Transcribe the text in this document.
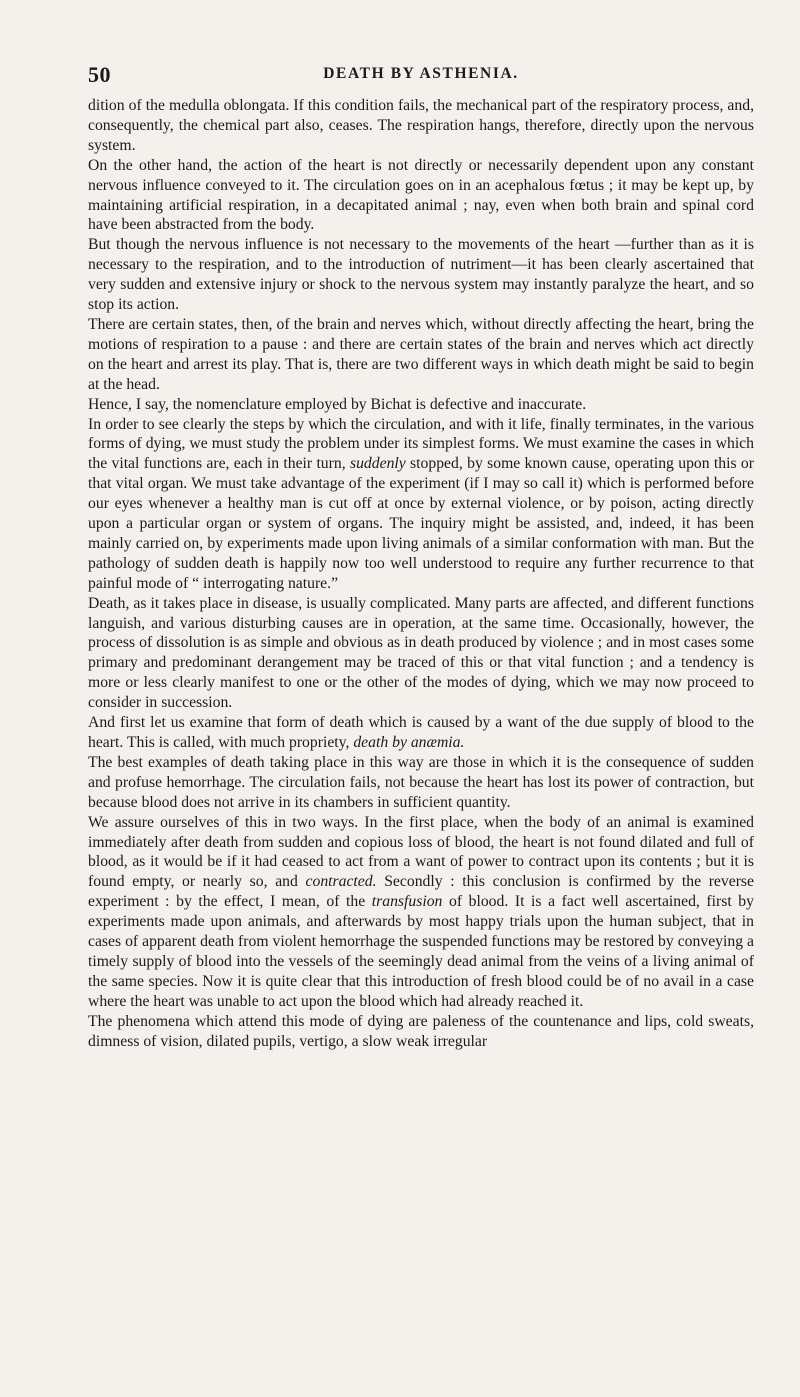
50	DEATH BY ASTHENIA.

dition of the medulla oblongata. If this condition fails, the mechanical part of the respiratory process, and, consequently, the chemical part also, ceases. The respiration hangs, therefore, directly upon the nervous system.

On the other hand, the action of the heart is not directly or necessarily dependent upon any constant nervous influence conveyed to it. The circulation goes on in an acephalous fœtus ; it may be kept up, by maintaining artificial respiration, in a decapitated animal ; nay, even when both brain and spinal cord have been abstracted from the body.

But though the nervous influence is not necessary to the movements of the heart —further than as it is necessary to the respiration, and to the introduction of nutriment—it has been clearly ascertained that very sudden and extensive injury or shock to the nervous system may instantly paralyze the heart, and so stop its action.

There are certain states, then, of the brain and nerves which, without directly affecting the heart, bring the motions of respiration to a pause : and there are certain states of the brain and nerves which act directly on the heart and arrest its play. That is, there are two different ways in which death might be said to begin at the head.

Hence, I say, the nomenclature employed by Bichat is defective and inaccurate.

In order to see clearly the steps by which the circulation, and with it life, finally terminates, in the various forms of dying, we must study the problem under its simplest forms. We must examine the cases in which the vital functions are, each in their turn, suddenly stopped, by some known cause, operating upon this or that vital organ. We must take advantage of the experiment (if I may so call it) which is performed before our eyes whenever a healthy man is cut off at once by external violence, or by poison, acting directly upon a particular organ or system of organs. The inquiry might be assisted, and, indeed, it has been mainly carried on, by experiments made upon living animals of a similar conformation with man. But the pathology of sudden death is happily now too well understood to require any further recurrence to that painful mode of “ interrogating nature.”

Death, as it takes place in disease, is usually complicated. Many parts are affected, and different functions languish, and various disturbing causes are in operation, at the same time. Occasionally, however, the process of dissolution is as simple and obvious as in death produced by violence ; and in most cases some primary and predominant derangement may be traced of this or that vital function ; and a tendency is more or less clearly manifest to one or the other of the modes of dying, which we may now proceed to consider in succession.

And first let us examine that form of death which is caused by a want of the due supply of blood to the heart. This is called, with much propriety, death by anæmia.

The best examples of death taking place in this way are those in which it is the consequence of sudden and profuse hemorrhage. The circulation fails, not because the heart has lost its power of contraction, but because blood does not arrive in its chambers in sufficient quantity.

We assure ourselves of this in two ways. In the first place, when the body of an animal is examined immediately after death from sudden and copious loss of blood, the heart is not found dilated and full of blood, as it would be if it had ceased to act from a want of power to contract upon its contents ; but it is found empty, or nearly so, and contracted. Secondly : this conclusion is confirmed by the reverse experiment : by the effect, I mean, of the transfusion of blood. It is a fact well ascertained, first by experiments made upon animals, and afterwards by most happy trials upon the human subject, that in cases of apparent death from violent hemorrhage the suspended functions may be restored by conveying a timely supply of blood into the vessels of the seemingly dead animal from the veins of a living animal of the same species. Now it is quite clear that this introduction of fresh blood could be of no avail in a case where the heart was unable to act upon the blood which had already reached it.

The phenomena which attend this mode of dying are paleness of the countenance and lips, cold sweats, dimness of vision, dilated pupils, vertigo, a slow weak irregular
